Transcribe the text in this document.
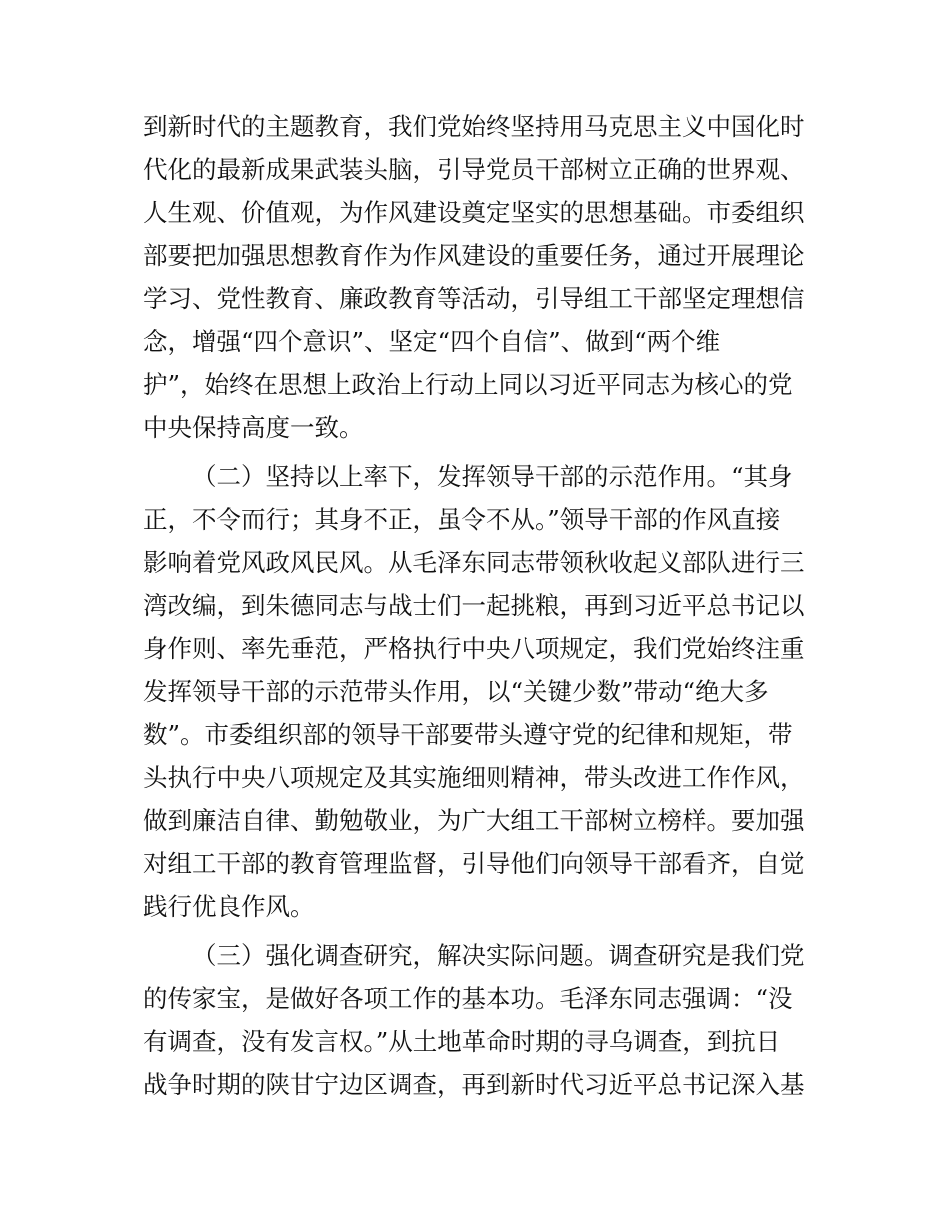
到新时代的主题教育，我们党始终坚持用马克思主义中国化时
代化的最新成果武装头脑，引导党员干部树立正确的世界观、
人生观、价值观，为作风建设奠定坚实的思想基础。市委组织
部要把加强思想教育作为作风建设的重要任务，通过开展理论
学习、党性教育、廉政教育等活动，引导组工干部坚定理想信
念，增强“四个意识”、坚定“四个自信”、做到“两个维
护”，始终在思想上政治上行动上同以习近平同志为核心的党
中央保持高度一致。
（二）坚持以上率下，发挥领导干部的示范作用。“其身
正，不令而行；其身不正，虽令不从。”领导干部的作风直接
影响着党风政风民风。从毛泽东同志带领秋收起义部队进行三
湾改编，到朱德同志与战士们一起挑粮，再到习近平总书记以
身作则、率先垂范，严格执行中央八项规定，我们党始终注重
发挥领导干部的示范带头作用，以“关键少数”带动“绝大多
数”。市委组织部的领导干部要带头遵守党的纪律和规矩，带
头执行中央八项规定及其实施细则精神，带头改进工作作风，
做到廉洁自律、勤勉敬业，为广大组工干部树立榜样。要加强
对组工干部的教育管理监督，引导他们向领导干部看齐，自觉
践行优良作风。
（三）强化调查研究，解决实际问题。调查研究是我们党
的传家宝，是做好各项工作的基本功。毛泽东同志强调：“没
有调查，没有发言权。”从土地革命时期的寻乌调查，到抗日
战争时期的陕甘宁边区调查，再到新时代习近平总书记深入基
